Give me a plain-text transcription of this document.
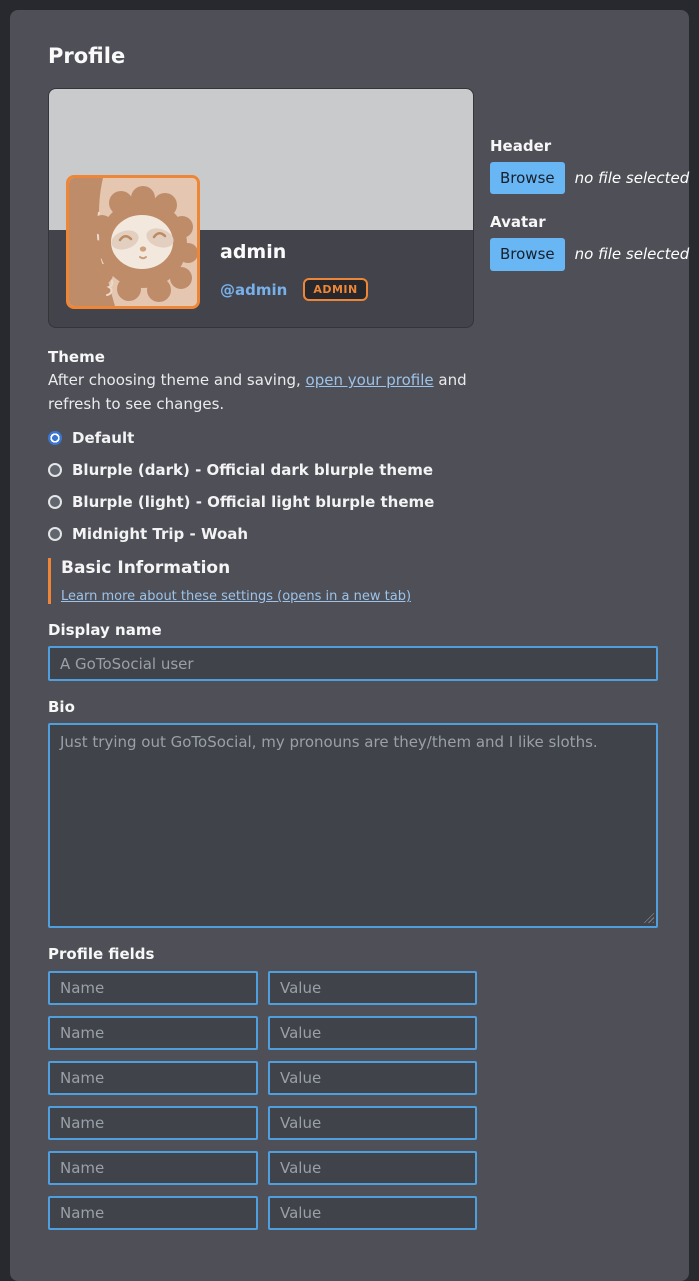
Profile
admin
@admin	ADMIN
Header
Browse	no file selected
Avatar
Browse	no file selected
Theme

After choosing theme and saving, open your profile and refresh to see changes.

Default
Blurple (dark) - Official dark blurple theme
Blurple (light) - Official light blurple theme
Midnight Trip - Woah
Basic Information
Learn more about these settings (opens in a new tab)
Display name
A GoToSocial user
Bio
Just trying out GoToSocial, my pronouns are they/them and I like sloths.
Profile fields
Name
Value
Name
Value
Name
Value
Name
Value
Name
Value
Name
Value
